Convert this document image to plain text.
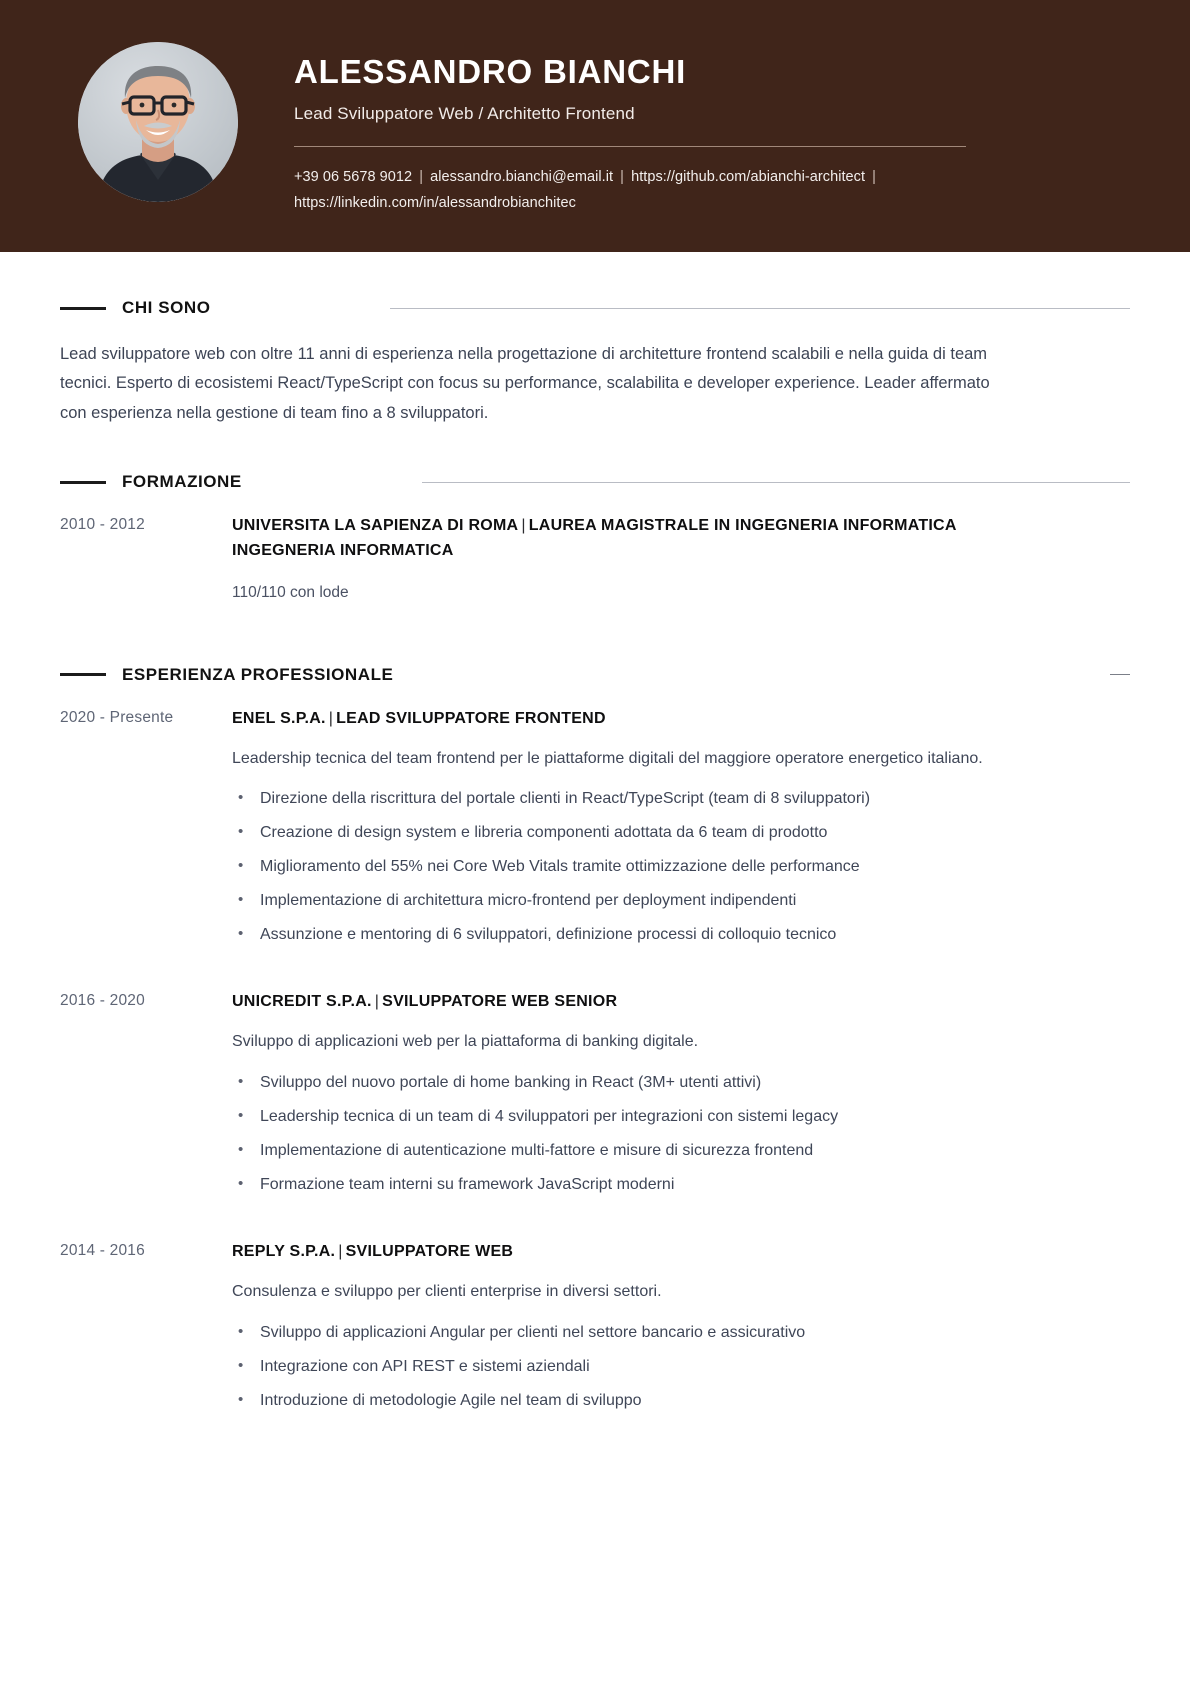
ALESSANDRO BIANCHI
Lead Sviluppatore Web / Architetto Frontend
+39 06 5678 9012 | alessandro.bianchi@email.it | https://github.com/abianchi-architect | https://linkedin.com/in/alessandrobianchitec
CHI SONO
Lead sviluppatore web con oltre 11 anni di esperienza nella progettazione di architetture frontend scalabili e nella guida di team tecnici. Esperto di ecosistemi React/TypeScript con focus su performance, scalabilita e developer experience. Leader affermato con esperienza nella gestione di team fino a 8 sviluppatori.
FORMAZIONE
2010 - 2012	UNIVERSITA LA SAPIENZA DI ROMA | LAUREA MAGISTRALE IN INGEGNERIA INFORMATICA INGEGNERIA INFORMATICA
110/110 con lode
ESPERIENZA PROFESSIONALE
2020 - Presente	ENEL S.P.A. | LEAD SVILUPPATORE FRONTEND
Leadership tecnica del team frontend per le piattaforme digitali del maggiore operatore energetico italiano.
• Direzione della riscrittura del portale clienti in React/TypeScript (team di 8 sviluppatori)
• Creazione di design system e libreria componenti adottata da 6 team di prodotto
• Miglioramento del 55% nei Core Web Vitals tramite ottimizzazione delle performance
• Implementazione di architettura micro-frontend per deployment indipendenti
• Assunzione e mentoring di 6 sviluppatori, definizione processi di colloquio tecnico
2016 - 2020	UNICREDIT S.P.A. | SVILUPPATORE WEB SENIOR
Sviluppo di applicazioni web per la piattaforma di banking digitale.
• Sviluppo del nuovo portale di home banking in React (3M+ utenti attivi)
• Leadership tecnica di un team di 4 sviluppatori per integrazioni con sistemi legacy
• Implementazione di autenticazione multi-fattore e misure di sicurezza frontend
• Formazione team interni su framework JavaScript moderni
2014 - 2016	REPLY S.P.A. | SVILUPPATORE WEB
Consulenza e sviluppo per clienti enterprise in diversi settori.
• Sviluppo di applicazioni Angular per clienti nel settore bancario e assicurativo
• Integrazione con API REST e sistemi aziendali
• Introduzione di metodologie Agile nel team di sviluppo
